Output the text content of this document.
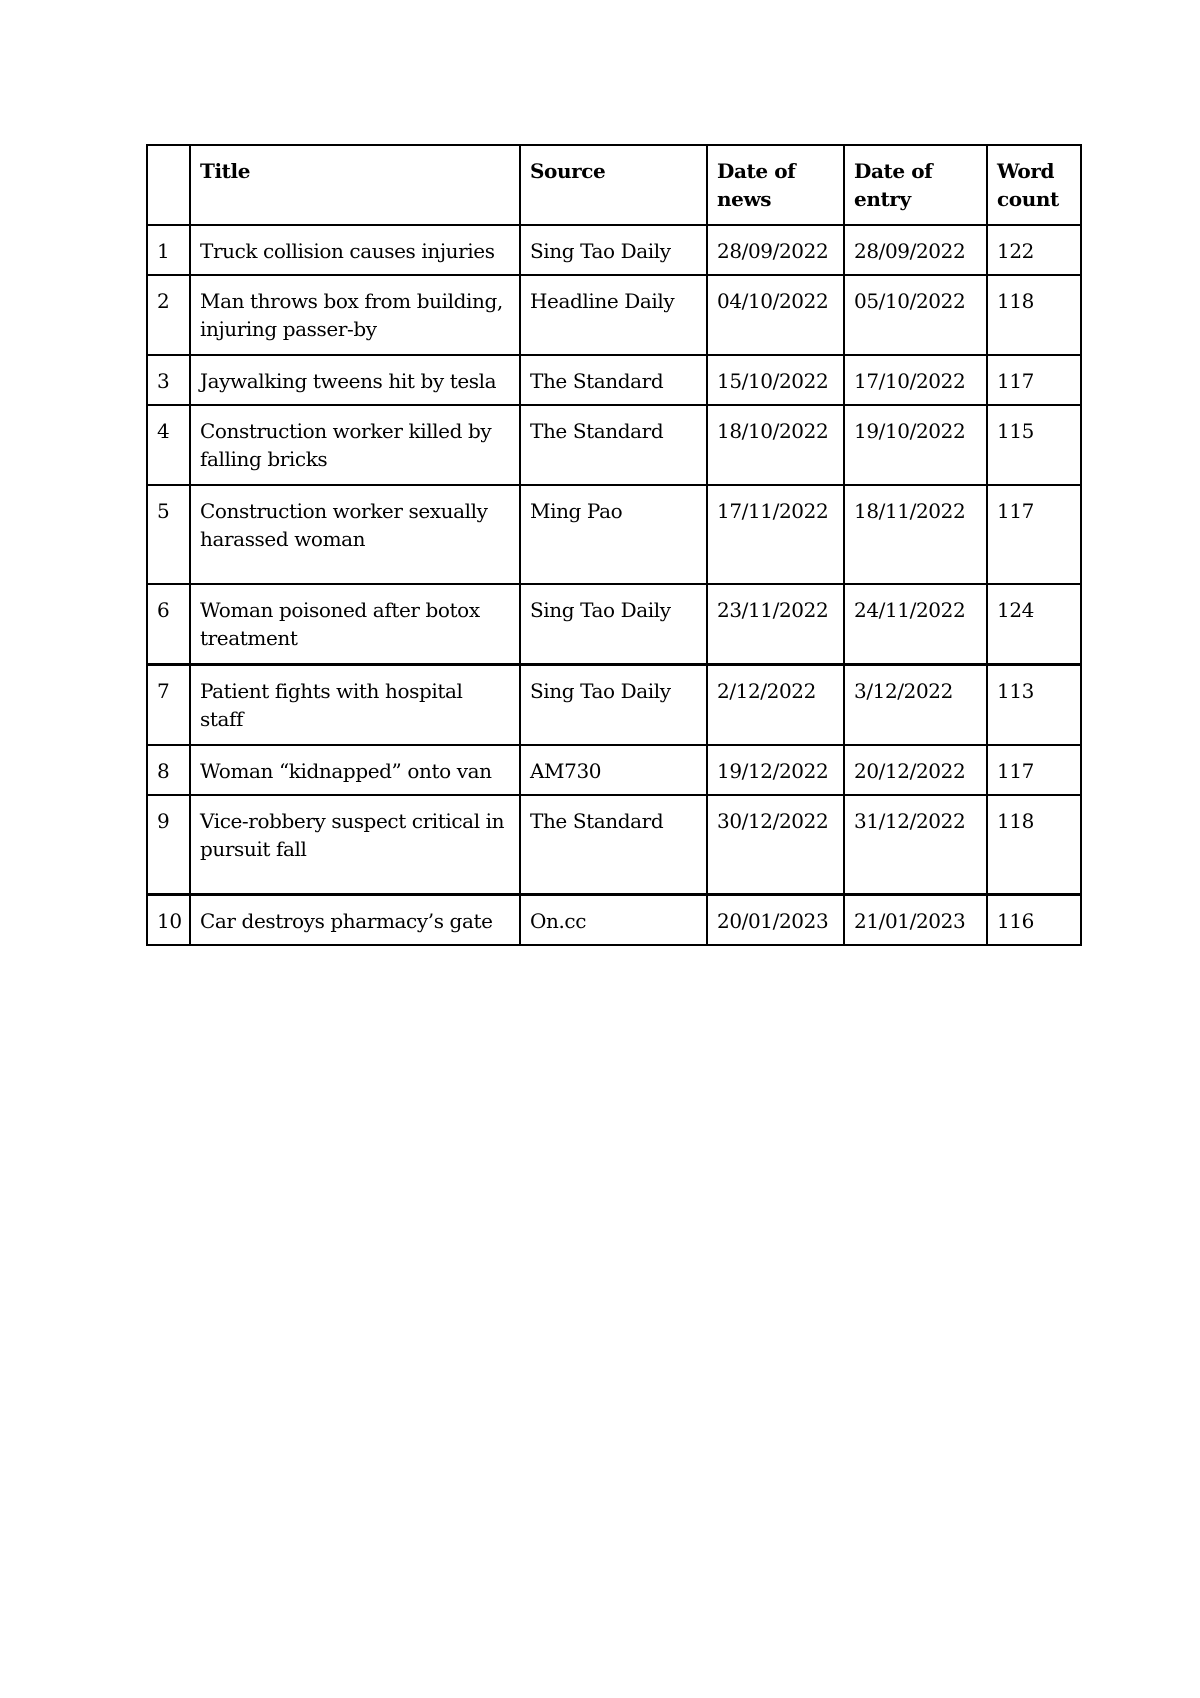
	Title	Source	Date of news	Date of entry	Word count
1	Truck collision causes injuries	Sing Tao Daily	28/09/2022	28/09/2022	122
2	Man throws box from building, injuring passer-by	Headline Daily	04/10/2022	05/10/2022	118
3	Jaywalking tweens hit by tesla	The Standard	15/10/2022	17/10/2022	117
4	Construction worker killed by falling bricks	The Standard	18/10/2022	19/10/2022	115
5	Construction worker sexually harassed woman	Ming Pao	17/11/2022	18/11/2022	117
6	Woman poisoned after botox treatment	Sing Tao Daily	23/11/2022	24/11/2022	124
7	Patient fights with hospital staff	Sing Tao Daily	2/12/2022	3/12/2022	113
8	Woman “kidnapped” onto van	AM730	19/12/2022	20/12/2022	117
9	Vice-robbery suspect critical in pursuit fall	The Standard	30/12/2022	31/12/2022	118
10	Car destroys pharmacy’s gate	On.cc	20/01/2023	21/01/2023	116
